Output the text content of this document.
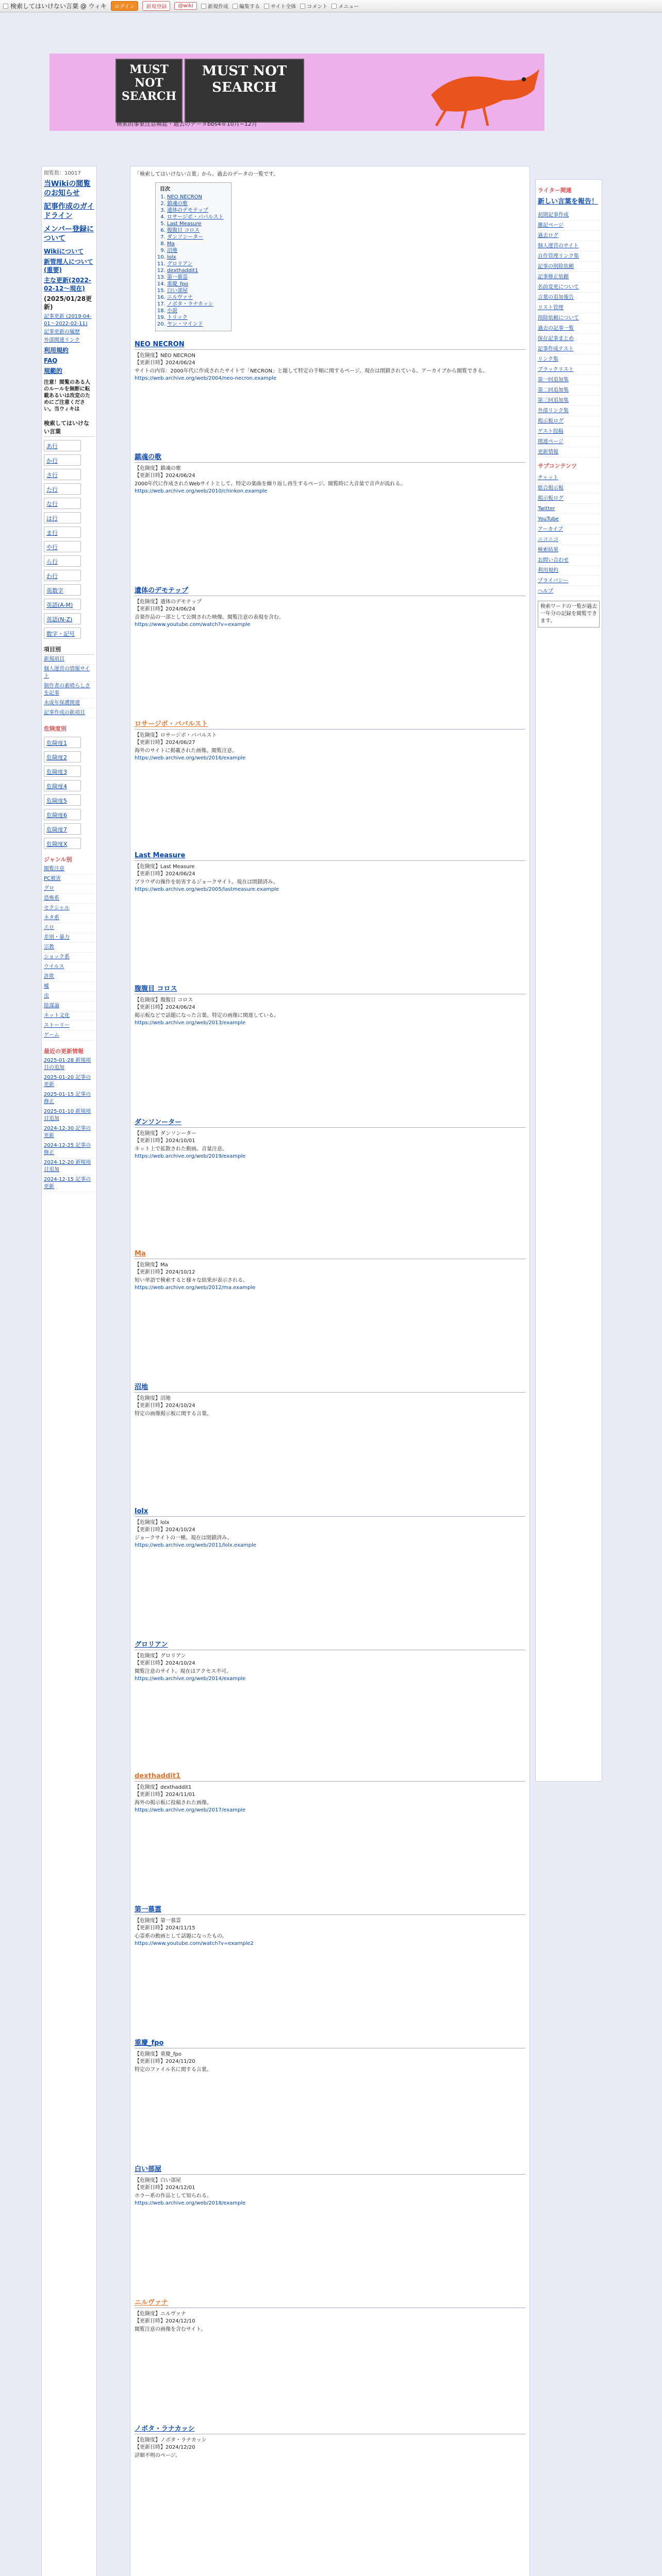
検索してはいけない言葉 @ ウィキ	ログイン	新規登録	@wiki	新規作成 編集する サイト全体 コメント メニュー
MUST NOT SEARCH
MUST NOT SEARCH
検索的事象注意喚起・過去のデータbbs4年10月~12月
閲覧数：10017
当Wikiの閲覧のお知らせ
記事作成のガイドライン
メンバー登録について
Wikiについて
新管理人について(重要)
主な更新(2022-02-12〜現在)
(2025/01/28更新)
記事更新 (2019-04-01〜2022-02-11)
記事更新の履歴
外部関連リンク
利用規約
FAQ
規範的
注意！閲覧のある人のルールを無断に転載あるいは改変のためにご注意ください。当ウィキは
検索してはいけない言葉
あ行
か行
さ行
た行
な行
は行
ま行
や行
ら行
わ行
英数字
英語(A-M)
英語(N-Z)
数字・記号
項目別
新規項目
個人運営の情報サイト
制作者の素晴らしさを記事
未成年保護関連
記事作成の新項目
危険度別
危険度1
危険度2
危険度3
危険度4
危険度5
危険度6
危険度7
危険度X
ジャンル別
閲覧注意
PC被害
グロ
恐怖系
セクシャル
ネタ系
エロ
差別・暴力
宗教
ショック系
ウイルス
詐欺
嘘
虫
陰謀論
ネット文化
ストーリー
ゲーム
最近の更新情報
2025-01-28 新規項目の追加
2025-01-20 記事の更新
2025-01-15 記事の修正
2025-01-10 新規項目追加
2024-12-30 記事の更新
2024-12-25 記事の修正
2024-12-20 新規項目追加
2024-12-15 記事の更新
「検索してはいけない言葉」から、過去のデータの一覧です。
目次
1. NEO NECRON
2. 鎮魂の歌
3. 遺体のデモテップ
4. ロサージボ・ババルスト
5. Last Measure
6. 腹腹目 コロス
7. ダンソンーター
8. Ma
9. 沼地
10. lolx
11. グロリアン
12. dexthaddit1
13. 第一慕霊
14. 重慶_fpo
15. 白い部屋
16. ニルヴァナ
17. ノボタ・ラナカッシ
18. 小説
19. トリック
20. ヤン・マインド
NEO NECRON
【危険度】NEO NECRON
【更新日時】2024/06/24
サイトの内容：2000年代に作成されたサイトで「NECRON」と題して特定の手順に関するページ。現在は閉鎖されている。アーカイブから閲覧できる。
https://web.archive.org/web/2004/neo-necron.example
鎮魂の歌
【危険度】鎮魂の歌
【更新日時】2024/06/24
2000年代に作成されたWebサイトとして、特定の楽曲を繰り返し再生するページ。閲覧時に大音量で音声が流れる。
https://web.archive.org/web/2010/chinkon.example
遺体のデモテップ
【危険度】遺体のデモテップ
【更新日時】2024/06/24
音楽作品の一部として公開された映像。閲覧注意の表現を含む。
https://www.youtube.com/watch?v=example
ロサージボ・ババルスト
【危険度】ロサージボ・ババルスト
【更新日時】2024/06/27
海外のサイトに掲載された画像。閲覧注意。
https://web.archive.org/web/2016/example
Last Measure
【危険度】Last Measure
【更新日時】2024/06/24
ブラウザの操作を妨害するジョークサイト。現在は閉鎖済み。
https://web.archive.org/web/2005/lastmeasure.example
腹腹目 コロス
【危険度】腹腹目 コロス
【更新日時】2024/06/24
掲示板などで話題になった言葉。特定の画像に関連している。
https://web.archive.org/web/2013/example
ダンソンーター
【危険度】ダンソンーター
【更新日時】2024/10/01
ネット上で拡散された動画。音量注意。
https://web.archive.org/web/2019/example
Ma
【危険度】Ma
【更新日時】2024/10/12
短い単語で検索すると様々な結果が表示される。
https://web.archive.org/web/2012/ma.example
沼地
【危険度】沼地
【更新日時】2024/10/24
特定の画像掲示板に関する言葉。
lolx
【危険度】lolx
【更新日時】2024/10/24
ジョークサイトの一種。現在は閉鎖済み。
https://web.archive.org/web/2011/lolx.example
グロリアン
【危険度】グロリアン
【更新日時】2024/10/24
閲覧注意のサイト。現在はアクセス不可。
https://web.archive.org/web/2014/example
dexthaddit1
【危険度】dexthaddit1
【更新日時】2024/11/01
海外の掲示板に投稿された画像。
https://web.archive.org/web/2017/example
第一慕霊
【危険度】第一慕霊
【更新日時】2024/11/15
心霊系の動画として話題になったもの。
https://www.youtube.com/watch?v=example2
重慶_fpo
【危険度】重慶_fpo
【更新日時】2024/11/20
特定のファイル名に関する言葉。
白い部屋
【危険度】白い部屋
【更新日時】2024/12/01
ホラー系の作品として知られる。
https://web.archive.org/web/2018/example
ニルヴァナ
【危険度】ニルヴァナ
【更新日時】2024/12/10
閲覧注意の画像を含むサイト。
ノボタ・ラナカッシ
【危険度】ノボタ・ラナカッシ
【更新日時】2024/12/20
詳細不明のページ。
ライター関連
新しい言葉を報告！
初期記事作成
雑記ページ
過去ログ
個人運営のサイト
自作管理リンク集
記事の削除依頼
記事修正依頼
名前変更について
言葉の追加報告
リスト管理
削除依頼について
過去の記事一覧
保存記事まとめ
記事作成テスト
リンク集
ブラックリスト
第一回追加集
第二回追加集
第三回追加集
外部リンク集
掲示板ログ
ゲスト投稿
関連ページ
更新情報
サブコンテンツ
チャット
総合掲示板
掲示板ログ
Twitter
YouTube
アーカイブ
ニコニコ
検索結果
お問い合わせ
利用規約
プライバシー
ヘルプ
検索ワードの一覧が過去一年分の記録を閲覧できます。
